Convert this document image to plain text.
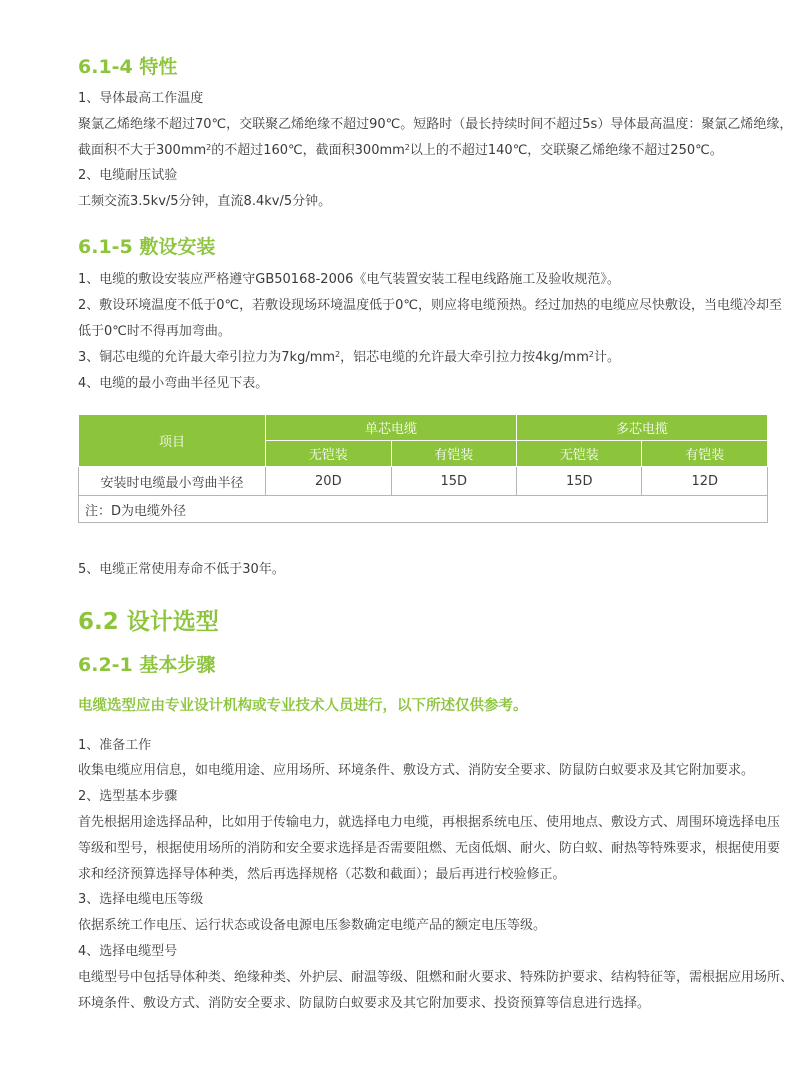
6.1-4 特性
1、导体最高工作温度
聚氯乙烯绝缘不超过70℃，交联聚乙烯绝缘不超过90℃。短路时（最长持续时间不超过5s）导体最高温度：聚氯乙烯绝缘，
截面积不大于$300mm^2$的不超过160℃，截面积$300mm^2$以上的不超过140℃，交联聚乙烯绝缘不超过250℃。
2、电缆耐压试验
工频交流3.5kv/5分钟，直流8.4kv/5分钟。
6.1-5 敷设安装
1、电缆的敷设安装应严格遵守GB50168-2006《电气装置安装工程电线路施工及验收规范》。
2、敷设环境温度不低于0℃，若敷设现场环境温度低于0℃，则应将电缆预热。经过加热的电缆应尽快敷设，当电缆冷却至
低于0℃时不得再加弯曲。
3、铜芯电缆的允许最大牵引拉力为$7kg/mm^2$，铝芯电缆的允许最大牵引拉力按$4kg/mm^2$计。
4、电缆的最小弯曲半径见下表。
项目	单芯电缆		多芯电揽	
	无铠装	有铠装	无铠装	有铠装
安装时电缆最小弯曲半径	20D	15D	15D	12D
注：D为电缆外径				
5、电缆正常使用寿命不低于30年。
6.2 设计选型
6.2-1 基本步骤
电缆选型应由专业设计机构或专业技术人员进行，以下所述仅供参考。
1、准备工作
收集电缆应用信息，如电缆用途、应用场所、环境条件、敷设方式、消防安全要求、防鼠防白蚁要求及其它附加要求。
2、选型基本步骤
首先根据用途选择品种，比如用于传输电力，就选择电力电缆，再根据系统电压、使用地点、敷设方式、周围环境选择电压
等级和型号，根据使用场所的消防和安全要求选择是否需要阻燃、无卤低烟、耐火、防白蚁、耐热等特殊要求，根据使用要
求和经济预算选择导体种类，然后再选择规格（芯数和截面）；最后再进行校验修正。
3、选择电缆电压等级
依据系统工作电压、运行状态或设备电源电压参数确定电缆产品的额定电压等级。
4、选择电缆型号
电缆型号中包括导体种类、绝缘种类、外护层、耐温等级、阻燃和耐火要求、特殊防护要求、结构特征等，需根据应用场所、
环境条件、敷设方式、消防安全要求、防鼠防白蚁要求及其它附加要求、投资预算等信息进行选择。
